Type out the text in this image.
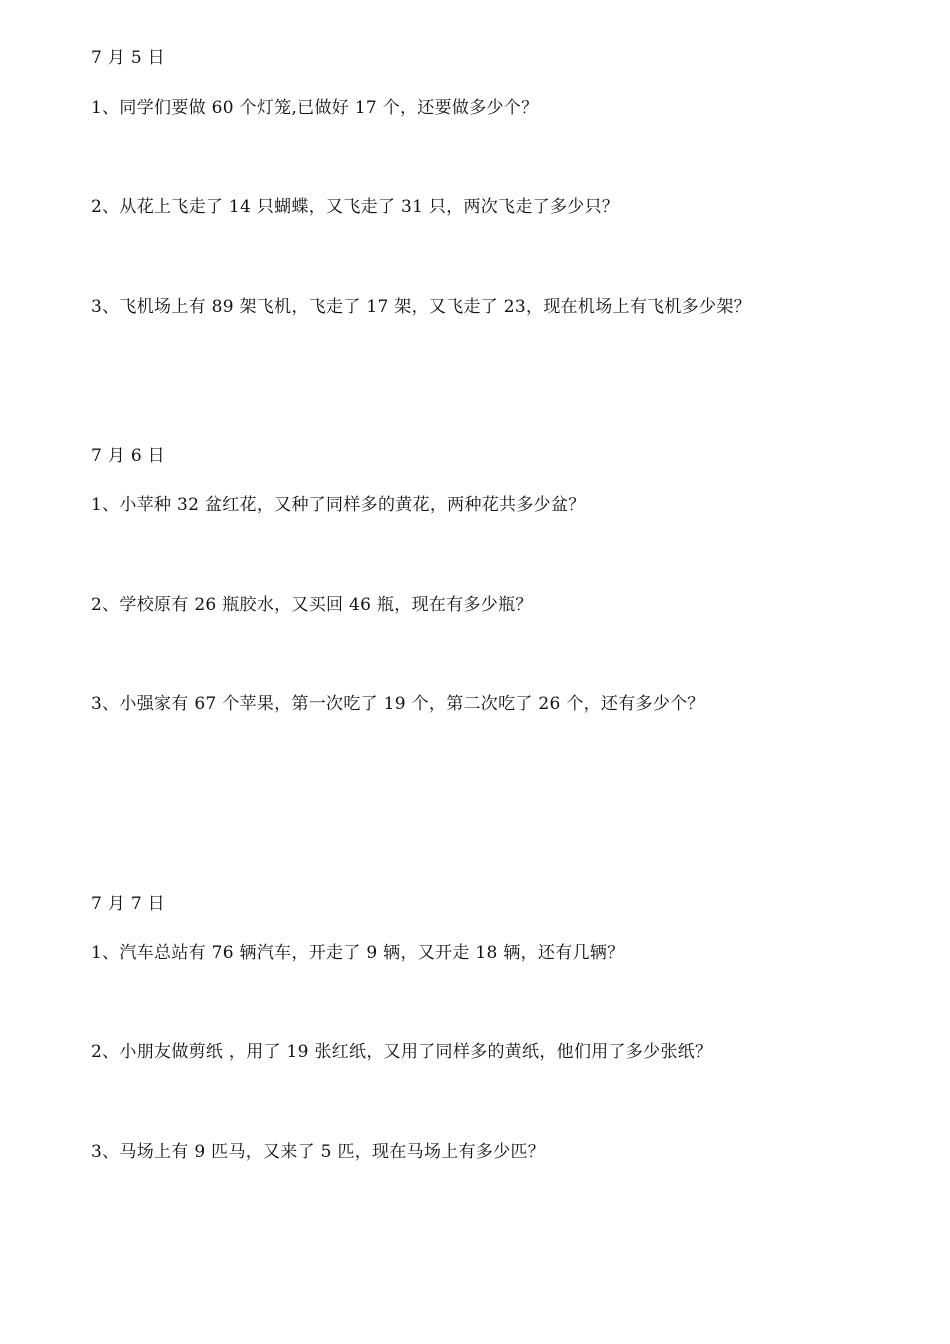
7 月 5 日
1、同学们要做 60 个灯笼,已做好 17 个，还要做多少个？
2、从花上飞走了 14 只蝴蝶，又飞走了 31 只，两次飞走了多少只？
3、飞机场上有 89 架飞机，飞走了 17 架，又飞走了 23，现在机场上有飞机多少架？
7 月 6 日
1、小苹种 32 盆红花，又种了同样多的黄花，两种花共多少盆？
2、学校原有 26 瓶胶水，又买回 46 瓶，现在有多少瓶？
3、小强家有 67 个苹果，第一次吃了 19 个，第二次吃了 26 个，还有多少个？
7 月 7 日
1、汽车总站有 76 辆汽车，开走了 9 辆，又开走 18 辆，还有几辆？
2、小朋友做剪纸 ，用了 19 张红纸，又用了同样多的黄纸，他们用了多少张纸？
3、马场上有 9 匹马，又来了 5 匹，现在马场上有多少匹？
